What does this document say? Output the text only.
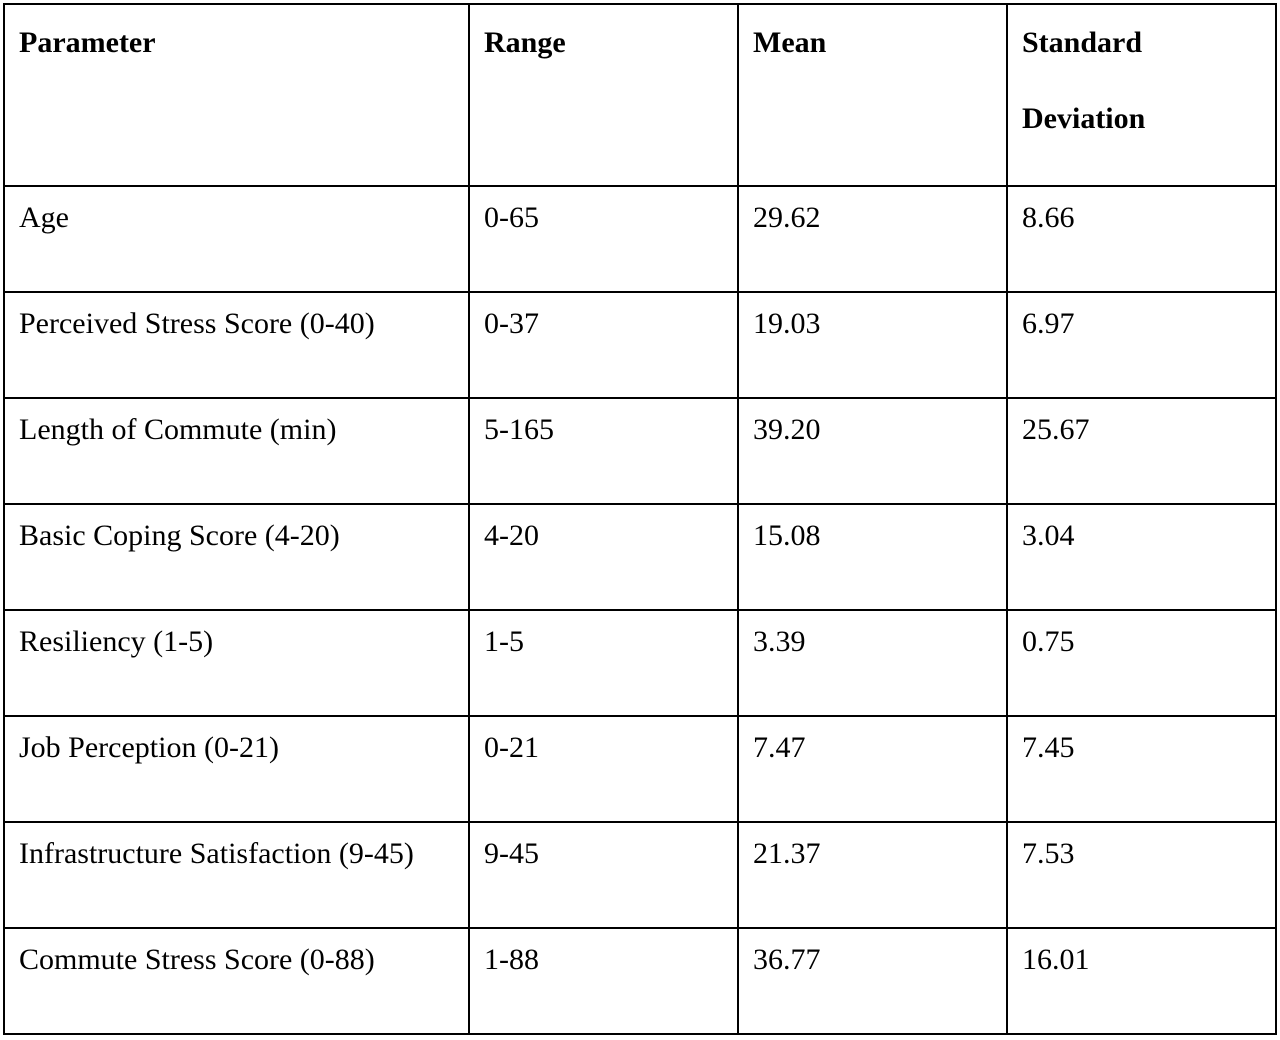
Parameter	Range	Mean	Standard Deviation
Age	0-65	29.62	8.66
Perceived Stress Score (0-40)	0-37	19.03	6.97
Length of Commute (min)	5-165	39.20	25.67
Basic Coping Score (4-20)	4-20	15.08	3.04
Resiliency (1-5)	1-5	3.39	0.75
Job Perception (0-21)	0-21	7.47	7.45
Infrastructure Satisfaction (9-45)	9-45	21.37	7.53
Commute Stress Score (0-88)	1-88	36.77	16.01
